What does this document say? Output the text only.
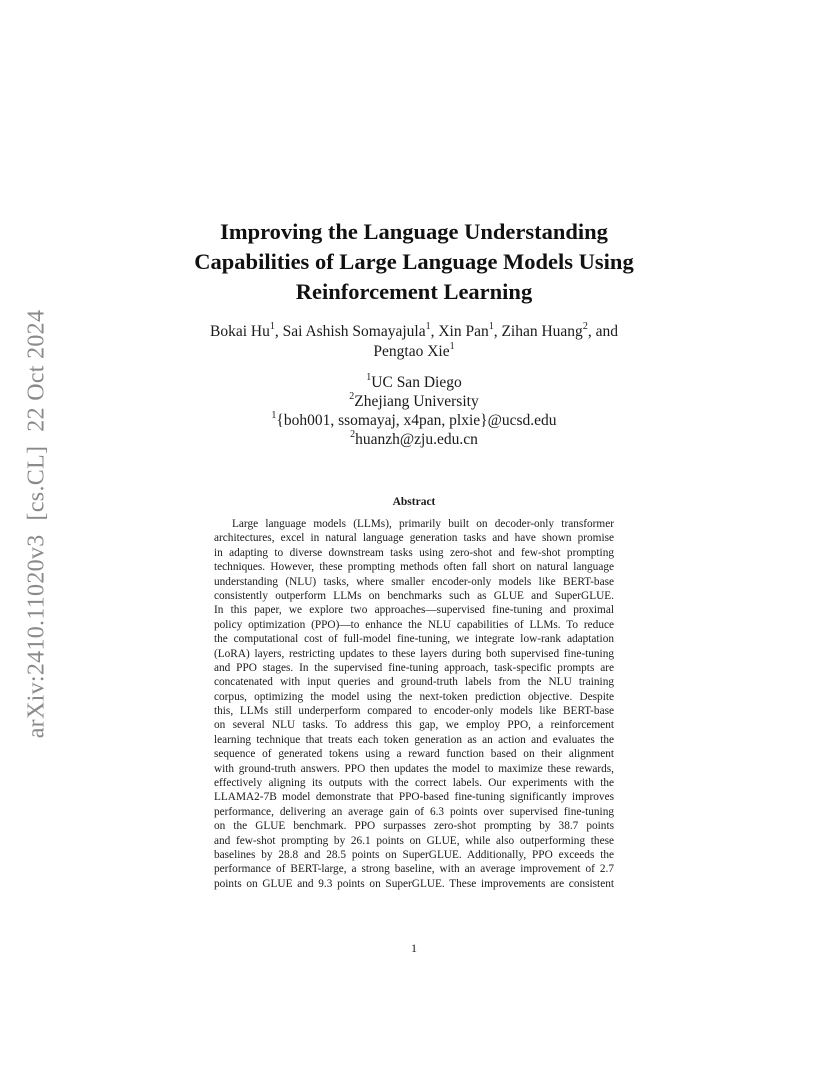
arXiv:2410.11020v3[cs.CL]22 Oct 2024
Improving the Language Understanding
Capabilities of Large Language Models Using
Reinforcement Learning
Bokai Hu$^1$, Sai Ashish Somayajula$^1$, Xin Pan$^1$, Zihan Huang$^2$, and
Pengtao Xie$^1$
$^1$UC San Diego
$^2$Zhejiang University
$^1${boh001, ssomayaj, x4pan, plxie}@ucsd.edu
$^2$huanzh@zju.edu.cn
Abstract
Large language models (LLMs), primarily built on decoder-only transformer
architectures, excel in natural language generation tasks and have shown promise
in adapting to diverse downstream tasks using zero-shot and few-shot prompting
techniques. However, these prompting methods often fall short on natural language
understanding (NLU) tasks, where smaller encoder-only models like BERT-base
consistently outperform LLMs on benchmarks such as GLUE and SuperGLUE.
In this paper, we explore two approaches—supervised fine-tuning and proximal
policy optimization (PPO)—to enhance the NLU capabilities of LLMs. To reduce
the computational cost of full-model fine-tuning, we integrate low-rank adaptation
(LoRA) layers, restricting updates to these layers during both supervised fine-tuning
and PPO stages. In the supervised fine-tuning approach, task-specific prompts are
concatenated with input queries and ground-truth labels from the NLU training
corpus, optimizing the model using the next-token prediction objective. Despite
this, LLMs still underperform compared to encoder-only models like BERT-base
on several NLU tasks. To address this gap, we employ PPO, a reinforcement
learning technique that treats each token generation as an action and evaluates the
sequence of generated tokens using a reward function based on their alignment
with ground-truth answers. PPO then updates the model to maximize these rewards,
effectively aligning its outputs with the correct labels. Our experiments with the
LLAMA2-7B model demonstrate that PPO-based fine-tuning significantly improves
performance, delivering an average gain of 6.3 points over supervised fine-tuning
on the GLUE benchmark. PPO surpasses zero-shot prompting by 38.7 points
and few-shot prompting by 26.1 points on GLUE, while also outperforming these
baselines by 28.8 and 28.5 points on SuperGLUE. Additionally, PPO exceeds the
performance of BERT-large, a strong baseline, with an average improvement of 2.7
points on GLUE and 9.3 points on SuperGLUE. These improvements are consistent
1
